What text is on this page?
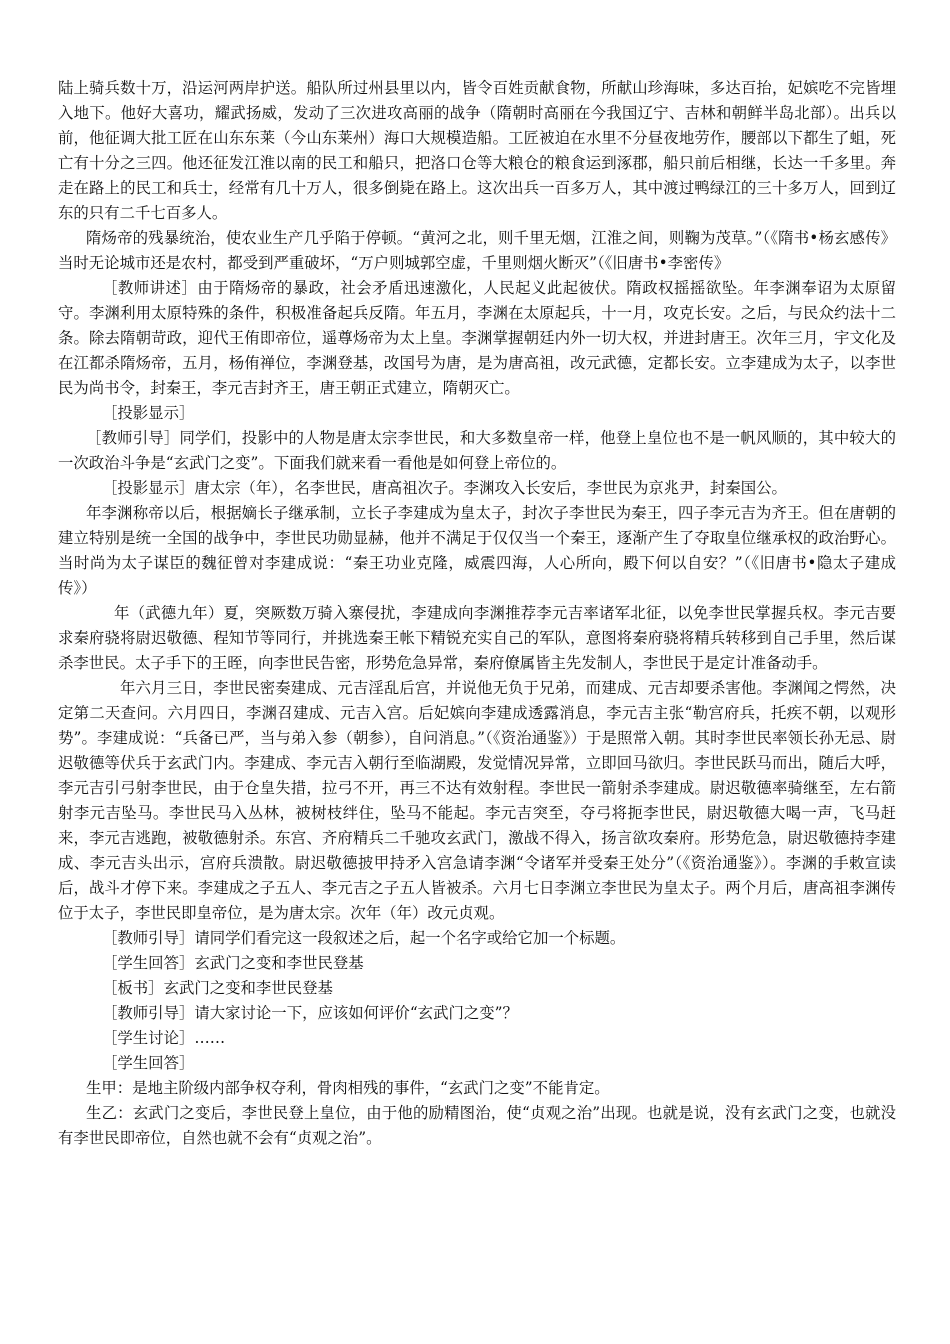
陆上骑兵数十万，沿运河两岸护送。船队所过州县里以内，皆令百姓贡献食物，所献山珍海味，多达百抬，妃嫔吃不完皆埋入地下。他好大喜功，耀武扬威，发动了三次进攻高丽的战争（隋朝时高丽在今我国辽宁、吉林和朝鲜半岛北部）。出兵以前，他征调大批工匠在山东东莱（今山东莱州）海口大规模造船。工匠被迫在水里不分昼夜地劳作，腰部以下都生了蛆，死亡有十分之三四。他还征发江淮以南的民工和船只，把洛口仓等大粮仓的粮食运到涿郡，船只前后相继，长达一千多里。奔走在路上的民工和兵士，经常有几十万人，很多倒毙在路上。这次出兵一百多万人，其中渡过鸭绿江的三十多万人，回到辽东的只有二千七百多人。

隋炀帝的残暴统治，使农业生产几乎陷于停顿。“黄河之北，则千里无烟，江淮之间，则鞠为茂草。”（《隋书•杨玄感传》当时无论城市还是农村，都受到严重破坏，“万户则城郭空虚，千里则烟火断灭”（《旧唐书•李密传》

［教师讲述］由于隋炀帝的暴政，社会矛盾迅速激化，人民起义此起彼伏。隋政权摇摇欲坠。年李渊奉诏为太原留守。李渊利用太原特殊的条件，积极准备起兵反隋。年五月，李渊在太原起兵，十一月，攻克长安。之后，与民众约法十二条。除去隋朝苛政，迎代王侑即帝位，遥尊炀帝为太上皇。李渊掌握朝廷内外一切大权，并进封唐王。次年三月，宇文化及在江都杀隋炀帝，五月，杨侑禅位，李渊登基，改国号为唐，是为唐高祖，改元武德，定都长安。立李建成为太子，以李世民为尚书令，封秦王，李元吉封齐王，唐王朝正式建立，隋朝灭亡。

［投影显示］

［教师引导］同学们，投影中的人物是唐太宗李世民，和大多数皇帝一样，他登上皇位也不是一帆风顺的，其中较大的一次政治斗争是“玄武门之变”。下面我们就来看一看他是如何登上帝位的。

［投影显示］唐太宗（年），名李世民，唐高祖次子。李渊攻入长安后，李世民为京兆尹，封秦国公。

年李渊称帝以后，根据嫡长子继承制，立长子李建成为皇太子，封次子李世民为秦王，四子李元吉为齐王。但在唐朝的建立特别是统一全国的战争中，李世民功勋显赫，他并不满足于仅仅当一个秦王，逐渐产生了夺取皇位继承权的政治野心。当时尚为太子谋臣的魏征曾对李建成说：“秦王功业克隆，威震四海，人心所向，殿下何以自安？”（《旧唐书•隐太子建成传》）

年（武德九年）夏，突厥数万骑入寨侵扰，李建成向李渊推荐李元吉率诸军北征，以免李世民掌握兵权。李元吉要求秦府骁将尉迟敬德、程知节等同行，并挑选秦王帐下精锐充实自己的军队，意图将秦府骁将精兵转移到自己手里，然后谋杀李世民。太子手下的王晊，向李世民告密，形势危急异常，秦府僚属皆主先发制人，李世民于是定计准备动手。

年六月三日，李世民密奏建成、元吉淫乱后宫，并说他无负于兄弟，而建成、元吉却要杀害他。李渊闻之愕然，决定第二天查问。六月四日，李渊召建成、元吉入宫。后妃嫔向李建成透露消息，李元吉主张“勒宫府兵，托疾不朝，以观形势”。李建成说：“兵备已严，当与弟入参（朝参），自问消息。”（《资治通鉴》）于是照常入朝。其时李世民率领长孙无忌、尉迟敬德等伏兵于玄武门内。李建成、李元吉入朝行至临湖殿，发觉情况异常，立即回马欲归。李世民跃马而出，随后大呼，李元吉引弓射李世民，由于仓皇失措，拉弓不开，再三不达有效射程。李世民一箭射杀李建成。尉迟敬德率骑继至，左右箭射李元吉坠马。李世民马入丛林，被树枝绊住，坠马不能起。李元吉突至，夺弓将扼李世民，尉迟敬德大喝一声，飞马赶来，李元吉逃跑，被敬德射杀。东宫、齐府精兵二千驰攻玄武门，激战不得入，扬言欲攻秦府。形势危急，尉迟敬德持李建成、李元吉头出示，宫府兵溃散。尉迟敬德披甲持矛入宫急请李渊“令诸军并受秦王处分”（《资治通鉴》）。李渊的手敕宣读后，战斗才停下来。李建成之子五人、李元吉之子五人皆被杀。六月七日李渊立李世民为皇太子。两个月后，唐高祖李渊传位于太子，李世民即皇帝位，是为唐太宗。次年（年）改元贞观。

［教师引导］请同学们看完这一段叙述之后，起一个名字或给它加一个标题。

［学生回答］玄武门之变和李世民登基

［板书］玄武门之变和李世民登基

［教师引导］请大家讨论一下，应该如何评价“玄武门之变”？

［学生讨论］……

［学生回答］

生甲：是地主阶级内部争权夺利，骨肉相残的事件，“玄武门之变”不能肯定。

生乙：玄武门之变后，李世民登上皇位，由于他的励精图治，使“贞观之治”出现。也就是说，没有玄武门之变，也就没有李世民即帝位，自然也就不会有“贞观之治”。
